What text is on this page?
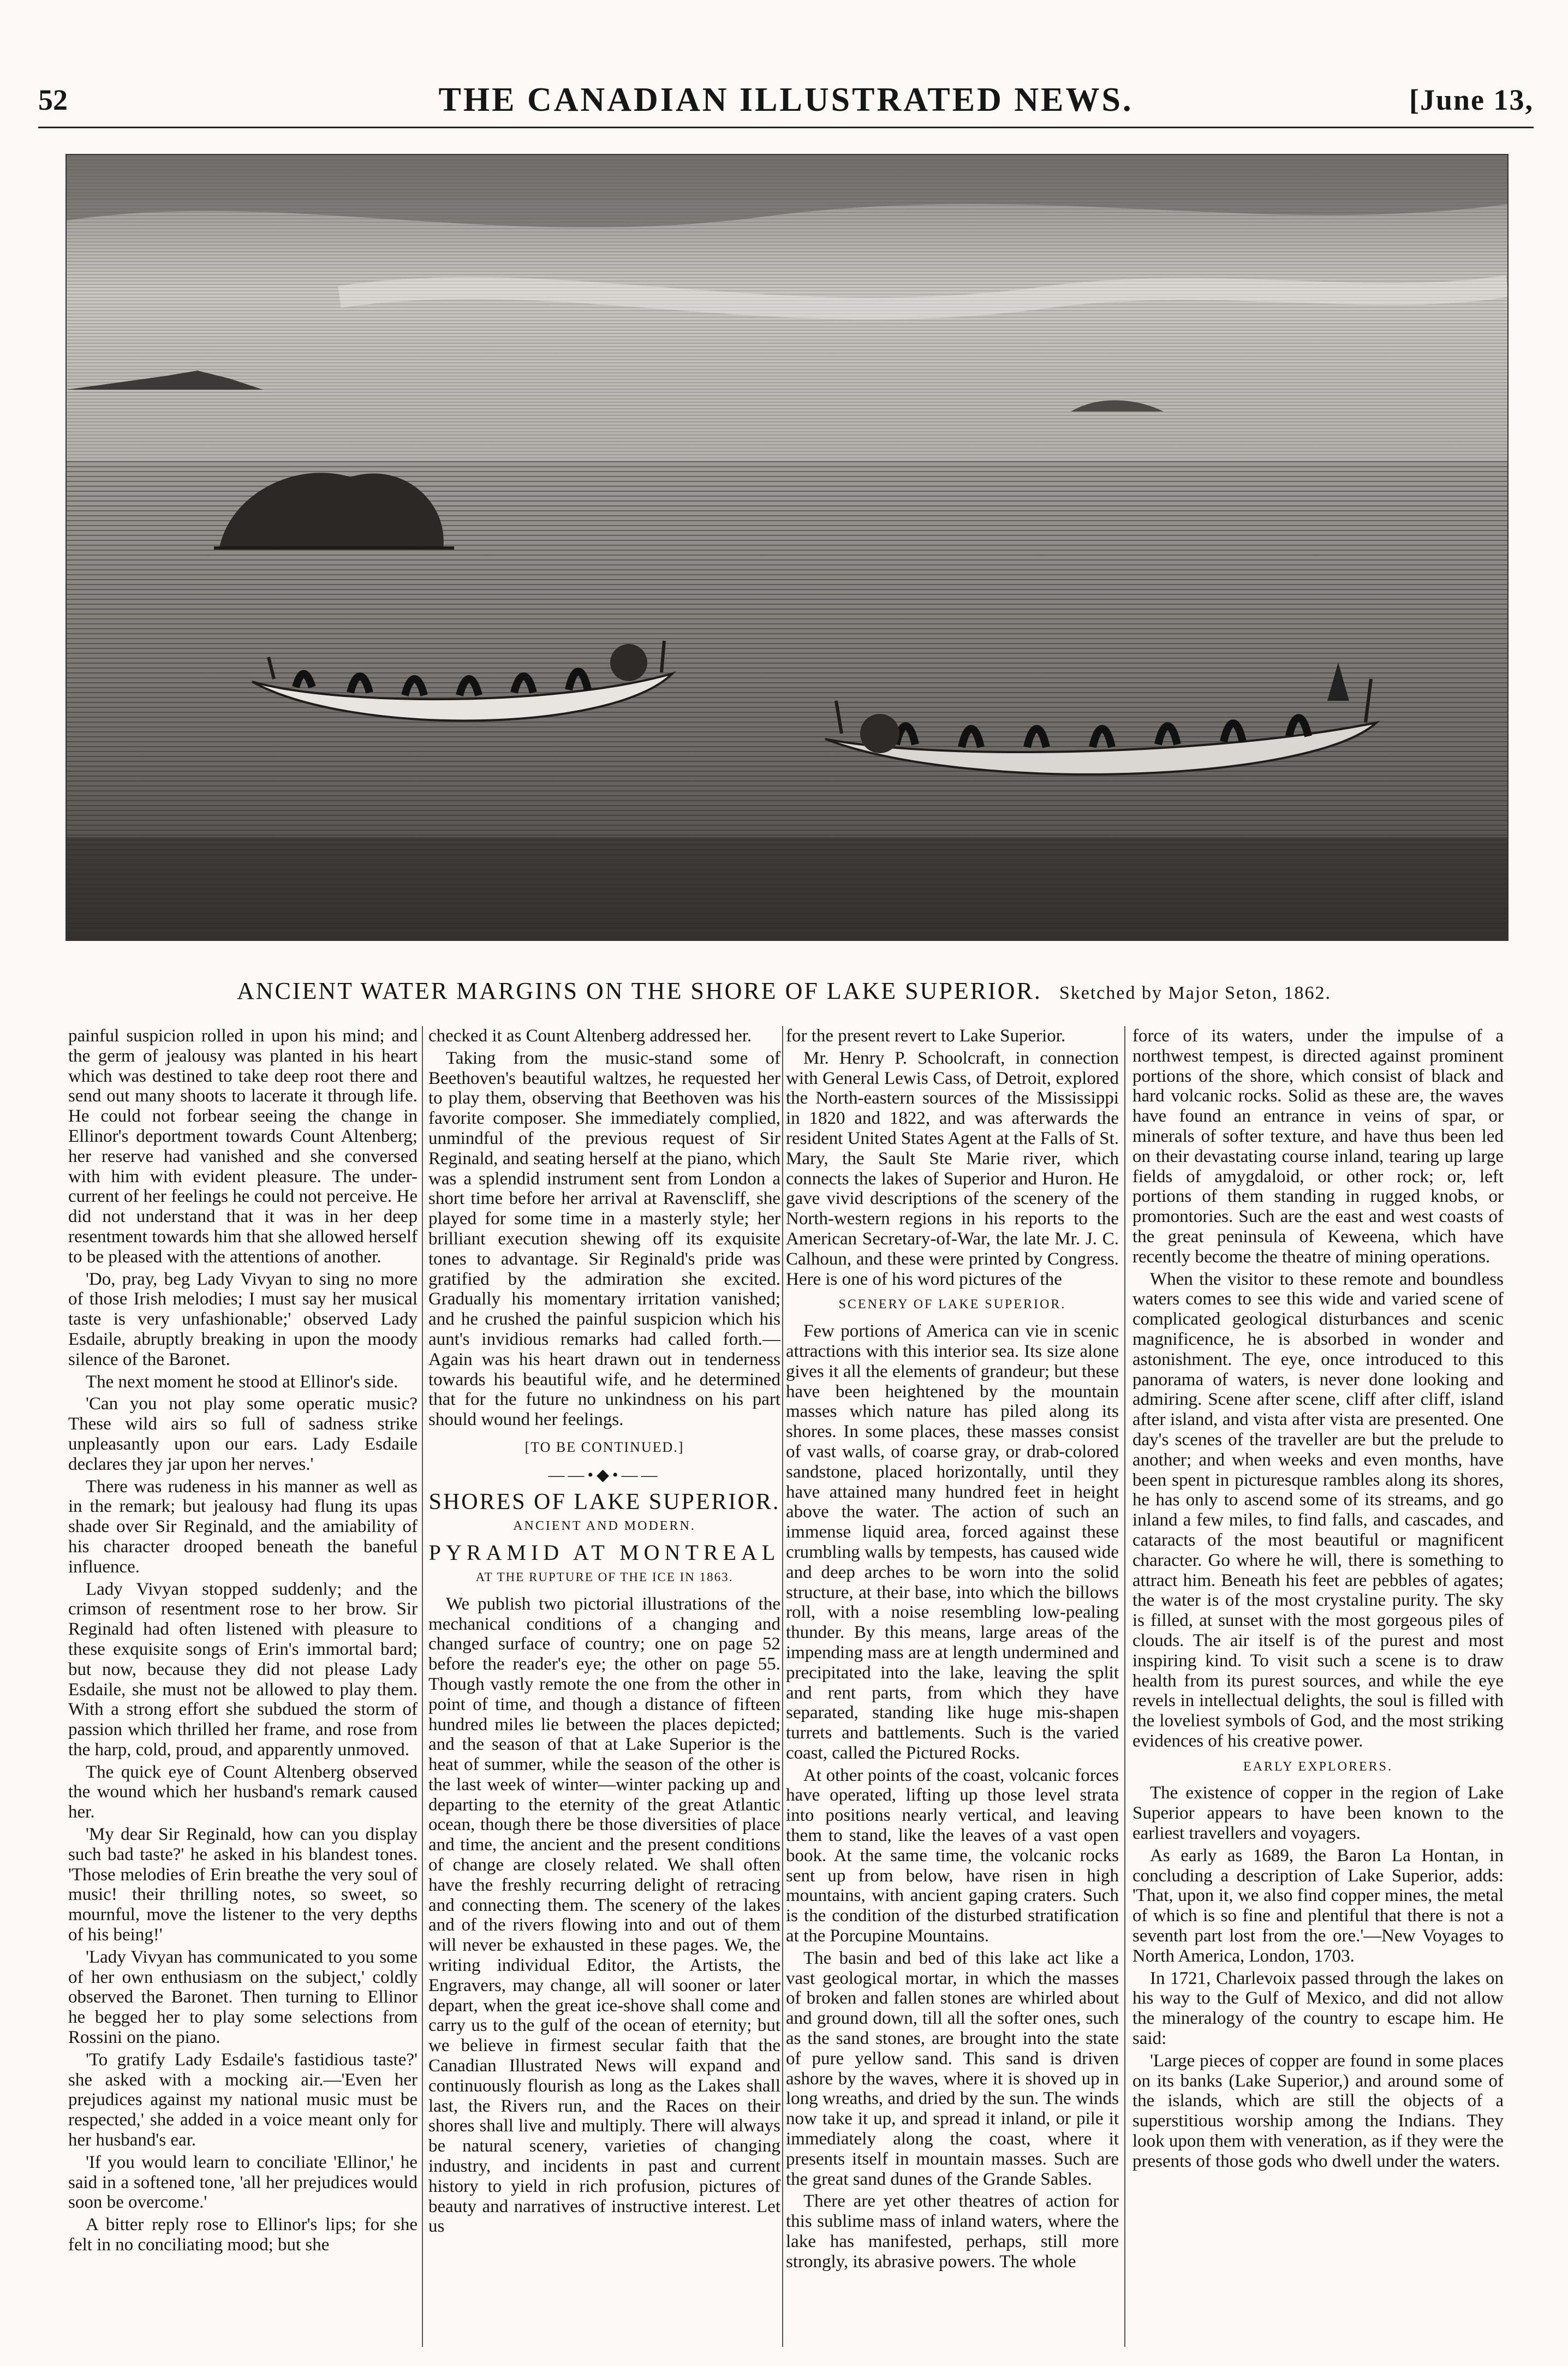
52	THE CANADIAN ILLUSTRATED NEWS.	[June 13,
ANCIENT WATER MARGINS ON THE SHORE OF LAKE SUPERIOR. Sketched by Major Seton, 1862.

painful suspicion rolled in upon his mind; and the germ of jealousy was planted in his heart which was destined to take deep root there and send out many shoots to lacerate it through life. He could not forbear seeing the change in Ellinor's deportment towards Count Altenberg; her reserve had vanished and she conversed with him with evident pleasure. The under-current of her feelings he could not perceive. He did not understand that it was in her deep resentment towards him that she allowed herself to be pleased with the attentions of another.

'Do, pray, beg Lady Vivyan to sing no more of those Irish melodies; I must say her musical taste is very unfashionable;' observed Lady Esdaile, abruptly breaking in upon the moody silence of the Baronet.

The next moment he stood at Ellinor's side.

'Can you not play some operatic music? These wild airs so full of sadness strike unpleasantly upon our ears. Lady Esdaile declares they jar upon her nerves.'

There was rudeness in his manner as well as in the remark; but jealousy had flung its upas shade over Sir Reginald, and the amiability of his character drooped beneath the baneful influence.

Lady Vivyan stopped suddenly; and the crimson of resentment rose to her brow. Sir Reginald had often listened with pleasure to these exquisite songs of Erin's immortal bard; but now, because they did not please Lady Esdaile, she must not be allowed to play them. With a strong effort she subdued the storm of passion which thrilled her frame, and rose from the harp, cold, proud, and apparently unmoved.

The quick eye of Count Altenberg observed the wound which her husband's remark caused her.

'My dear Sir Reginald, how can you display such bad taste?' he asked in his blandest tones. 'Those melodies of Erin breathe the very soul of music! their thrilling notes, so sweet, so mournful, move the listener to the very depths of his being!'

'Lady Vivyan has communicated to you some of her own enthusiasm on the subject,' coldly observed the Baronet. Then turning to Ellinor he begged her to play some selections from Rossini on the piano.

'To gratify Lady Esdaile's fastidious taste?' she asked with a mocking air.—'Even her prejudices against my national music must be respected,' she added in a voice meant only for her husband's ear.

'If you would learn to conciliate 'Ellinor,' he said in a softened tone, 'all her prejudices would soon be overcome.'

A bitter reply rose to Ellinor's lips; for she felt in no conciliating mood; but she

checked it as Count Altenberg addressed her.

Taking from the music-stand some of Beethoven's beautiful waltzes, he requested her to play them, observing that Beethoven was his favorite composer. She immediately complied, unmindful of the previous request of Sir Reginald, and seating herself at the piano, which was a splendid instrument sent from London a short time before her arrival at Ravenscliff, she played for some time in a masterly style; her brilliant execution shewing off its exquisite tones to advantage. Sir Reginald's pride was gratified by the admiration she excited. Gradually his momentary irritation vanished; and he crushed the painful suspicion which his aunt's invidious remarks had called forth.—Again was his heart drawn out in tenderness towards his beautiful wife, and he determined that for the future no unkindness on his part should wound her feelings.

[TO BE CONTINUED.]
——•◆•——
SHORES OF LAKE SUPERIOR.
ANCIENT AND MODERN.
PYRAMID AT MONTREAL
AT THE RUPTURE OF THE ICE IN 1863.

We publish two pictorial illustrations of the mechanical conditions of a changing and changed surface of country; one on page 52 before the reader's eye; the other on page 55. Though vastly remote the one from the other in point of time, and though a distance of fifteen hundred miles lie between the places depicted; and the season of that at Lake Superior is the heat of summer, while the season of the other is the last week of winter—winter packing up and departing to the eternity of the great Atlantic ocean, though there be those diversities of place and time, the ancient and the present conditions of change are closely related. We shall often have the freshly recurring delight of retracing and connecting them. The scenery of the lakes and of the rivers flowing into and out of them will never be exhausted in these pages. We, the writing individual Editor, the Artists, the Engravers, may change, all will sooner or later depart, when the great ice-shove shall come and carry us to the gulf of the ocean of eternity; but we believe in firmest secular faith that the Canadian Illustrated News will expand and continuously flourish as long as the Lakes shall last, the Rivers run, and the Races on their shores shall live and multiply. There will always be natural scenery, varieties of changing industry, and incidents in past and current history to yield in rich profusion, pictures of beauty and narratives of instructive interest. Let us

for the present revert to Lake Superior.

Mr. Henry P. Schoolcraft, in connection with General Lewis Cass, of Detroit, explored the North-eastern sources of the Mississippi in 1820 and 1822, and was afterwards the resident United States Agent at the Falls of St. Mary, the Sault Ste Marie river, which connects the lakes of Superior and Huron. He gave vivid descriptions of the scenery of the North-western regions in his reports to the American Secretary-of-War, the late Mr. J. C. Calhoun, and these were printed by Congress. Here is one of his word pictures of the

SCENERY OF LAKE SUPERIOR.

Few portions of America can vie in scenic attractions with this interior sea. Its size alone gives it all the elements of grandeur; but these have been heightened by the mountain masses which nature has piled along its shores. In some places, these masses consist of vast walls, of coarse gray, or drab-colored sandstone, placed horizontally, until they have attained many hundred feet in height above the water. The action of such an immense liquid area, forced against these crumbling walls by tempests, has caused wide and deep arches to be worn into the solid structure, at their base, into which the billows roll, with a noise resembling low-pealing thunder. By this means, large areas of the impending mass are at length undermined and precipitated into the lake, leaving the split and rent parts, from which they have separated, standing like huge mis-shapen turrets and battlements. Such is the varied coast, called the Pictured Rocks.

At other points of the coast, volcanic forces have operated, lifting up those level strata into positions nearly vertical, and leaving them to stand, like the leaves of a vast open book. At the same time, the volcanic rocks sent up from below, have risen in high mountains, with ancient gaping craters. Such is the condition of the disturbed stratification at the Porcupine Mountains.

The basin and bed of this lake act like a vast geological mortar, in which the masses of broken and fallen stones are whirled about and ground down, till all the softer ones, such as the sand stones, are brought into the state of pure yellow sand. This sand is driven ashore by the waves, where it is shoved up in long wreaths, and dried by the sun. The winds now take it up, and spread it inland, or pile it immediately along the coast, where it presents itself in mountain masses. Such are the great sand dunes of the Grande Sables.

There are yet other theatres of action for this sublime mass of inland waters, where the lake has manifested, perhaps, still more strongly, its abrasive powers. The whole

force of its waters, under the impulse of a northwest tempest, is directed against prominent portions of the shore, which consist of black and hard volcanic rocks. Solid as these are, the waves have found an entrance in veins of spar, or minerals of softer texture, and have thus been led on their devastating course inland, tearing up large fields of amygdaloid, or other rock; or, left portions of them standing in rugged knobs, or promontories. Such are the east and west coasts of the great peninsula of Keweena, which have recently become the theatre of mining operations.

When the visitor to these remote and boundless waters comes to see this wide and varied scene of complicated geological disturbances and scenic magnificence, he is absorbed in wonder and astonishment. The eye, once introduced to this panorama of waters, is never done looking and admiring. Scene after scene, cliff after cliff, island after island, and vista after vista are presented. One day's scenes of the traveller are but the prelude to another; and when weeks and even months, have been spent in picturesque rambles along its shores, he has only to ascend some of its streams, and go inland a few miles, to find falls, and cascades, and cataracts of the most beautiful or magnificent character. Go where he will, there is something to attract him. Beneath his feet are pebbles of agates; the water is of the most crystaline purity. The sky is filled, at sunset with the most gorgeous piles of clouds. The air itself is of the purest and most inspiring kind. To visit such a scene is to draw health from its purest sources, and while the eye revels in intellectual delights, the soul is filled with the loveliest symbols of God, and the most striking evidences of his creative power.

EARLY EXPLORERS.

The existence of copper in the region of Lake Superior appears to have been known to the earliest travellers and voyagers.

As early as 1689, the Baron La Hontan, in concluding a description of Lake Superior, adds: 'That, upon it, we also find copper mines, the metal of which is so fine and plentiful that there is not a seventh part lost from the ore.'—New Voyages to North America, London, 1703.

In 1721, Charlevoix passed through the lakes on his way to the Gulf of Mexico, and did not allow the mineralogy of the country to escape him. He said:

'Large pieces of copper are found in some places on its banks (Lake Superior,) and around some of the islands, which are still the objects of a superstitious worship among the Indians. They look upon them with veneration, as if they were the presents of those gods who dwell under the waters.
